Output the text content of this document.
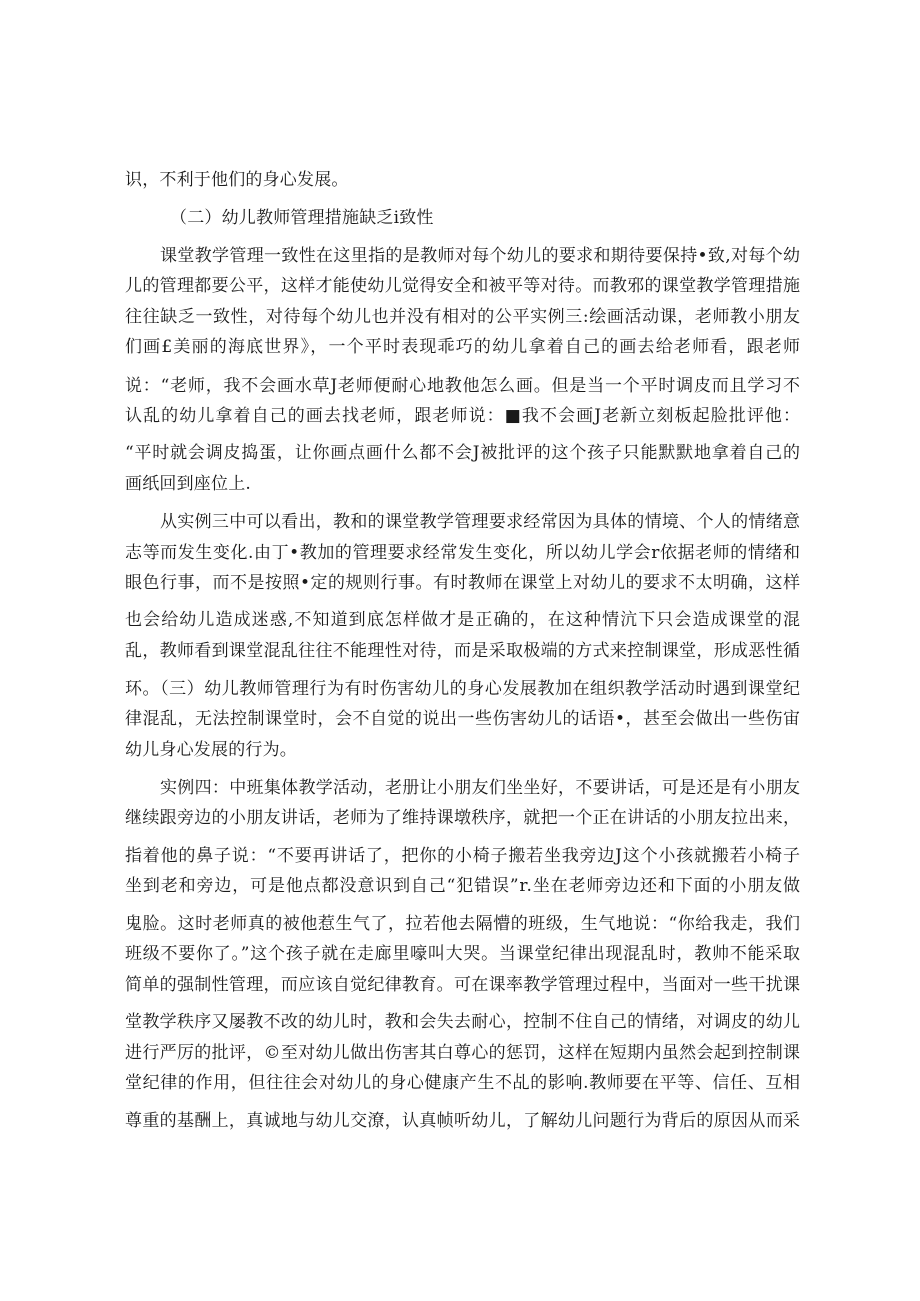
识，不利于他们的身心发展。
（二）幼儿教师管理措施缺乏i致性
课堂教学管理一致性在这里指的是教师对每个幼儿的要求和期待要保持•致,对每个幼
儿的管理都要公平，这样才能使幼儿觉得安全和被平等对待。而教邪的课堂教学管理措施
往往缺乏一致性，对待每个幼儿也并没有相对的公平实例三:绘画活动课，老师教小朋友
们画£美丽的海底世界》，一个平时表现乖巧的幼儿拿着自己的画去给老师看，跟老师
说：“老师，我不会画水草J老师便耐心地教他怎么画。但是当一个平时调皮而且学习不
认乱的幼儿拿着自己的画去找老师，跟老师说：■我不会画J老新立刻板起脸批评他：
“平时就会调皮捣蛋，让你画点画什么都不会J被批评的这个孩子只能默默地拿着自己的
画纸回到座位上.
从实例三中可以看出，教和的课堂教学管理要求经常因为具体的情境、个人的情绪意
志等而发生变化.由丁•教加的管理要求经常发生变化，所以幼儿学会r依据老师的情绪和
眼色行事，而不是按照•定的规则行事。有时教师在课堂上对幼儿的要求不太明确，这样
也会给幼儿造成迷惑,不知道到底怎样做才是正确的，在这种情沆下只会造成课堂的混
乱，教师看到课堂混乱往往不能理性对待，而是采取极端的方式来控制课堂，形成恶性循
环。（三）幼儿教师管理行为有时伤害幼儿的身心发展教加在组织教学活动时遇到课堂纪
律混乱，无法控制课堂时，会不自觉的说出一些伤害幼儿的话语•，甚至会做出一些伤宙
幼儿身心发展的行为。
实例四：中班集体教学活动，老册让小朋友们坐坐好，不要讲话，可是还是有小朋友
继续跟旁边的小朋友讲话，老师为了维持课墩秩序，就把一个正在讲话的小朋友拉出来，
指着他的鼻子说：“不要再讲话了，把你的小椅子搬若坐我旁边J这个小孩就搬若小椅子
坐到老和旁边，可是他点都没意识到自己“犯错误”r.坐在老师旁边还和下面的小朋友做
鬼脸。这时老师真的被他惹生气了，拉若他去隔懵的班级，生气地说：“你给我走，我们
班级不要你了。”这个孩子就在走廊里嚎叫大哭。当课堂纪律出现混乱时，教帅不能采取
简单的强制性管理，而应该自觉纪律教育。可在课率教学管理过程中，当面对一些干扰课
堂教学秩序又屡教不改的幼儿时，教和会失去耐心，控制不住自己的情绪，对调皮的幼儿
进行严厉的批评，©至对幼儿做出伤害其白尊心的惩罚，这样在短期内虽然会起到控制课
堂纪律的作用，但往往会对幼儿的身心健康产生不乩的影响.教师要在平等、信任、互相
尊重的基酬上，真诚地与幼儿交潦，认真帧听幼儿，了解幼儿问题行为背后的原因从而采
